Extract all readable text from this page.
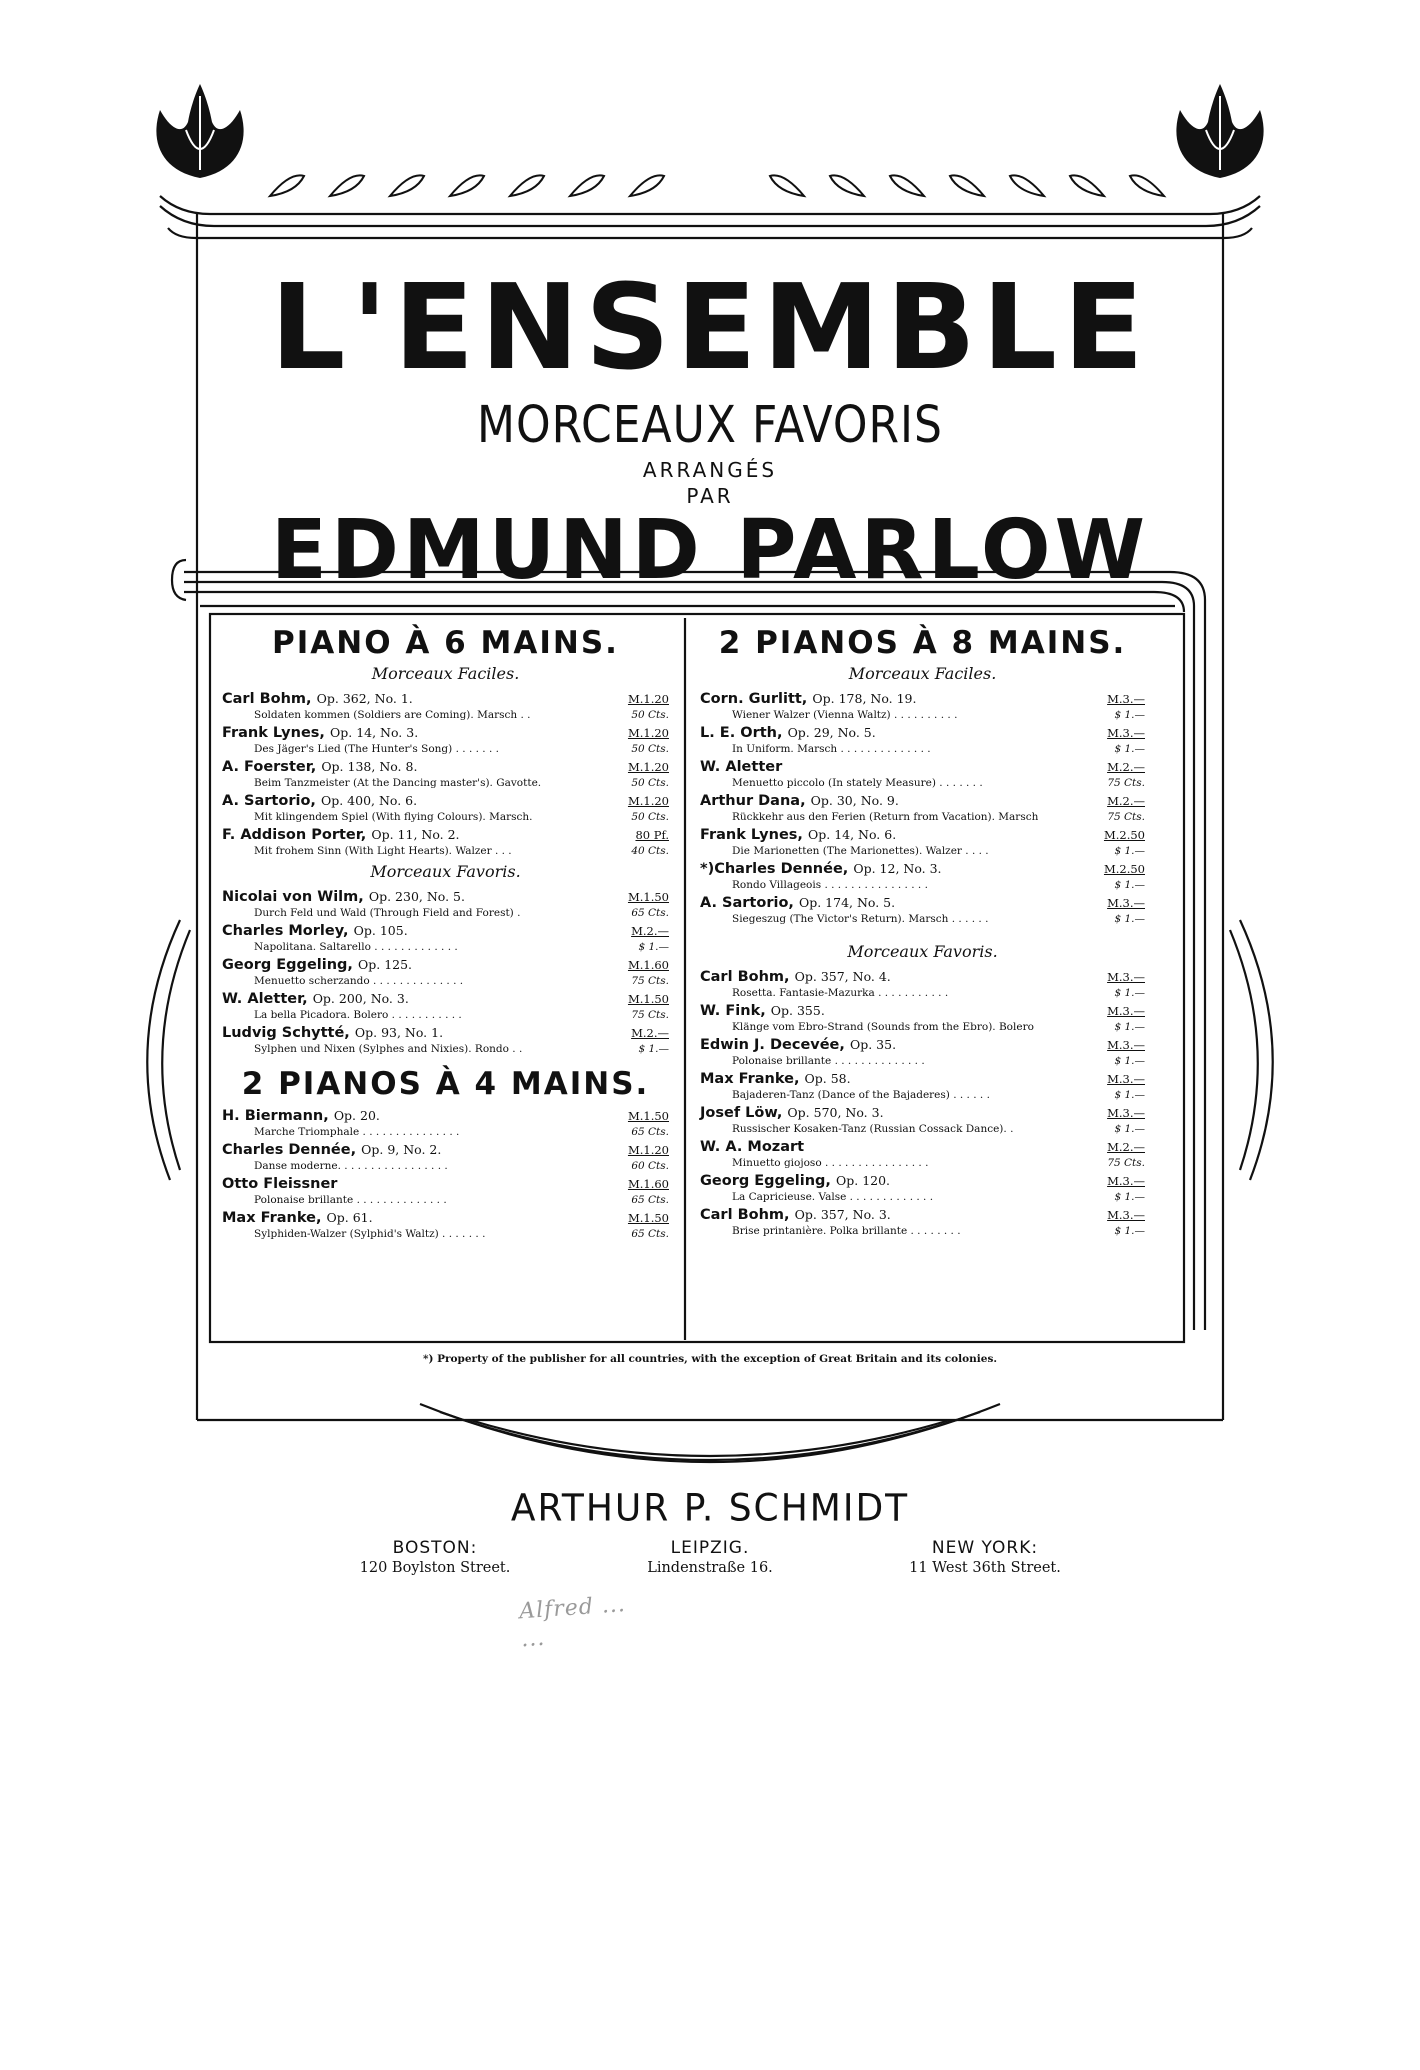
L'ENSEMBLE
MORCEAUX FAVORIS
ARRANGÉS
PAR
EDMUND PARLOW
PIANO À 6 MAINS.
Morceaux Faciles.
Carl Bohm, Op. 362, No. 1.	M.1.20
Soldaten kommen (Soldiers are Coming). Marsch . .	50 Cts.
Frank Lynes, Op. 14, No. 3.	M.1.20
Des Jäger's Lied (The Hunter's Song) . . . . . . .	50 Cts.
A. Foerster, Op. 138, No. 8.	M.1.20
Beim Tanzmeister (At the Dancing master's). Gavotte.	50 Cts.
A. Sartorio, Op. 400, No. 6.	M.1.20
Mit klingendem Spiel (With flying Colours). Marsch.	50 Cts.
F. Addison Porter, Op. 11, No. 2.	80 Pf.
Mit frohem Sinn (With Light Hearts). Walzer . . .	40 Cts.
Morceaux Favoris.
Nicolai von Wilm, Op. 230, No. 5.	M.1.50
Durch Feld und Wald (Through Field and Forest) .	65 Cts.
Charles Morley, Op. 105.	M.2.—
Napolitana. Saltarello . . . . . . . . . . . . .	$ 1.—
Georg Eggeling, Op. 125.	M.1.60
Menuetto scherzando . . . . . . . . . . . . . .	75 Cts.
W. Aletter, Op. 200, No. 3.	M.1.50
La bella Picadora. Bolero . . . . . . . . . . .	75 Cts.
Ludvig Schytté, Op. 93, No. 1.	M.2.—
Sylphen und Nixen (Sylphes and Nixies). Rondo . .	$ 1.—
2 PIANOS À 4 MAINS.
H. Biermann, Op. 20.	M.1.50
Marche Triomphale . . . . . . . . . . . . . . .	65 Cts.
Charles Dennée, Op. 9, No. 2.	M.1.20
Danse moderne. . . . . . . . . . . . . . . . .	60 Cts.
Otto Fleissner	M.1.60
Polonaise brillante . . . . . . . . . . . . . .	65 Cts.
Max Franke, Op. 61.	M.1.50
Sylphiden-Walzer (Sylphid's Waltz) . . . . . . .	65 Cts.
2 PIANOS À 8 MAINS.
Morceaux Faciles.
Corn. Gurlitt, Op. 178, No. 19.	M.3.—
Wiener Walzer (Vienna Waltz) . . . . . . . . . .	$ 1.—
L. E. Orth, Op. 29, No. 5.	M.3.—
In Uniform. Marsch . . . . . . . . . . . . . .	$ 1.—
W. Aletter	M.2.—
Menuetto piccolo (In stately Measure) . . . . . . .	75 Cts.
Arthur Dana, Op. 30, No. 9.	M.2.—
Rückkehr aus den Ferien (Return from Vacation). Marsch	75 Cts.
Frank Lynes, Op. 14, No. 6.	M.2.50
Die Marionetten (The Marionettes). Walzer . . . .	$ 1.—
*)Charles Dennée, Op. 12, No. 3.	M.2.50
Rondo Villageois . . . . . . . . . . . . . . . .	$ 1.—
A. Sartorio, Op. 174, No. 5.	M.3.—
Siegeszug (The Victor's Return). Marsch . . . . . .	$ 1.—
Morceaux Favoris.
Carl Bohm, Op. 357, No. 4.	M.3.—
Rosetta. Fantasie-Mazurka . . . . . . . . . . .	$ 1.—
W. Fink, Op. 355.	M.3.—
Klänge vom Ebro-Strand (Sounds from the Ebro). Bolero	$ 1.—
Edwin J. Decevée, Op. 35.	M.3.—
Polonaise brillante . . . . . . . . . . . . . .	$ 1.—
Max Franke, Op. 58.	M.3.—
Bajaderen-Tanz (Dance of the Bajaderes) . . . . . .	$ 1.—
Josef Löw, Op. 570, No. 3.	M.3.—
Russischer Kosaken-Tanz (Russian Cossack Dance). .	$ 1.—
W. A. Mozart	M.2.—
Minuetto giojoso . . . . . . . . . . . . . . . .	75 Cts.
Georg Eggeling, Op. 120.	M.3.—
La Capricieuse. Valse . . . . . . . . . . . . .	$ 1.—
Carl Bohm, Op. 357, No. 3.	M.3.—
Brise printanière. Polka brillante . . . . . . . .	$ 1.—
*) Property of the publisher for all countries, with the exception of Great Britain and its colonies.
ARTHUR P. SCHMIDT
BOSTON:
120 Boylston Street.
LEIPZIG.
Lindenstraße 16.
NEW YORK:
11 West 36th Street.
Alfred ...
...
